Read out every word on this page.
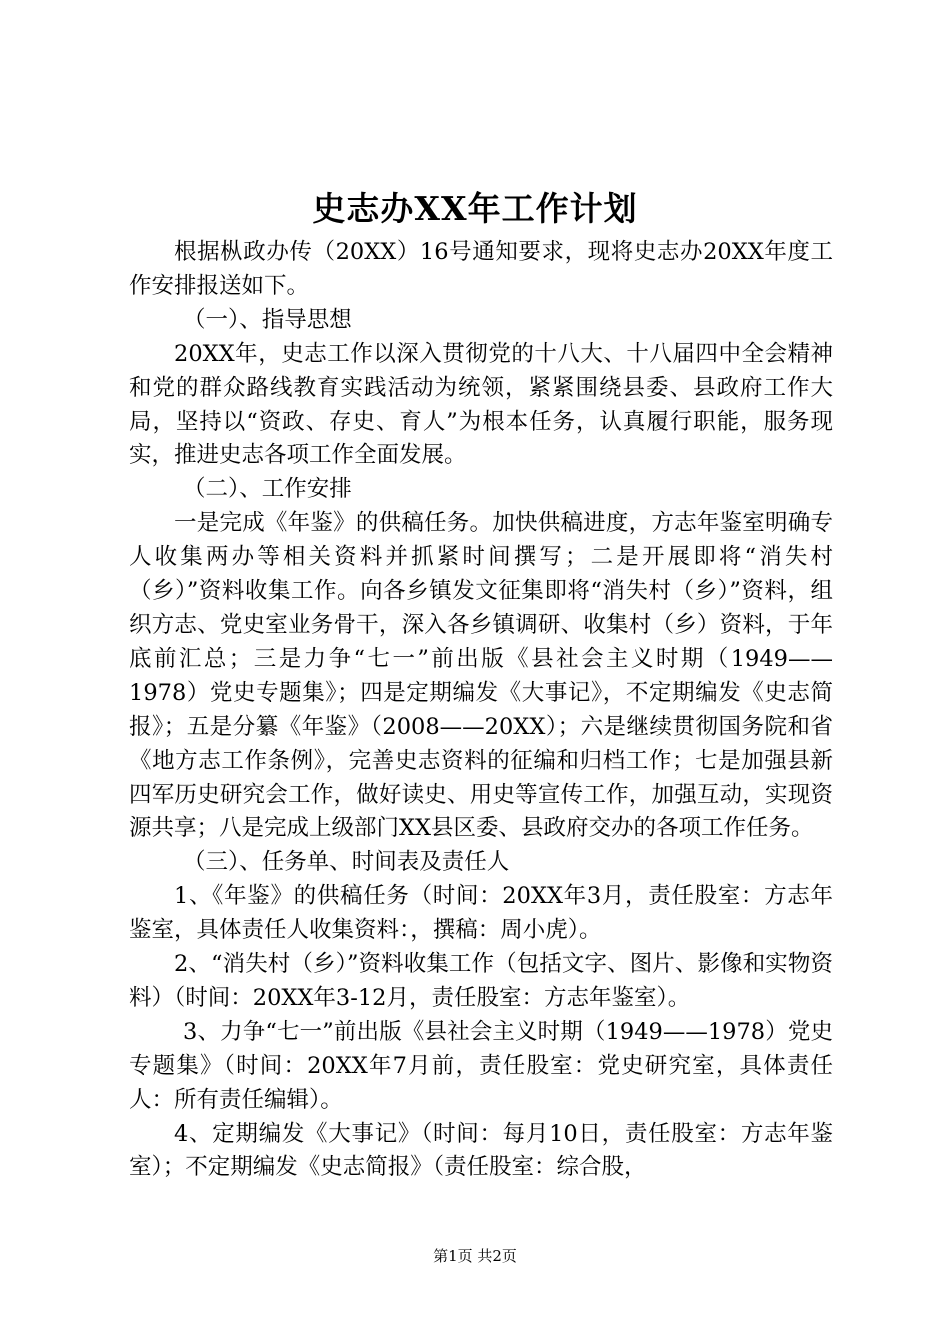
史志办XX年工作计划

根据枞政办传（20XX）16号通知要求，现将史志办20XX年度工作安排报送如下。

（一）、指导思想

20XX年，史志工作以深入贯彻党的十八大、十八届四中全会精神和党的群众路线教育实践活动为统领，紧紧围绕县委、县政府工作大局，坚持以“资政、存史、育人”为根本任务，认真履行职能，服务现实，推进史志各项工作全面发展。

（二）、工作安排

一是完成《年鉴》的供稿任务。加快供稿进度，方志年鉴室明确专人收集两办等相关资料并抓紧时间撰写；二是开展即将“消失村（乡）”资料收集工作。向各乡镇发文征集即将“消失村（乡）”资料，组织方志、党史室业务骨干，深入各乡镇调研、收集村（乡）资料，于年底前汇总；三是力争“七一”前出版《县社会主义时期（1949——1978）党史专题集》；四是定期编发《大事记》，不定期编发《史志简报》；五是分纂《年鉴》（2008——20XX）；六是继续贯彻国务院和省《地方志工作条例》，完善史志资料的征编和归档工作；七是加强县新四军历史研究会工作，做好读史、用史等宣传工作，加强互动，实现资源共享；八是完成上级部门XX县区委、县政府交办的各项工作任务。

（三）、任务单、时间表及责任人

1、《年鉴》的供稿任务（时间：20XX年3月，责任股室：方志年鉴室，具体责任人收集资料：，撰稿：周小虎）。

2、“消失村（乡）”资料收集工作（包括文字、图片、影像和实物资料）（时间：20XX年3-12月，责任股室：方志年鉴室）。

3、力争“七一”前出版《县社会主义时期（1949——1978）党史专题集》（时间：20XX年7月前，责任股室：党史研究室，具体责任人：所有责任编辑）。

4、定期编发《大事记》（时间：每月10日，责任股室：方志年鉴室）；不定期编发《史志简报》（责任股室：综合股，

第1页 共2页
